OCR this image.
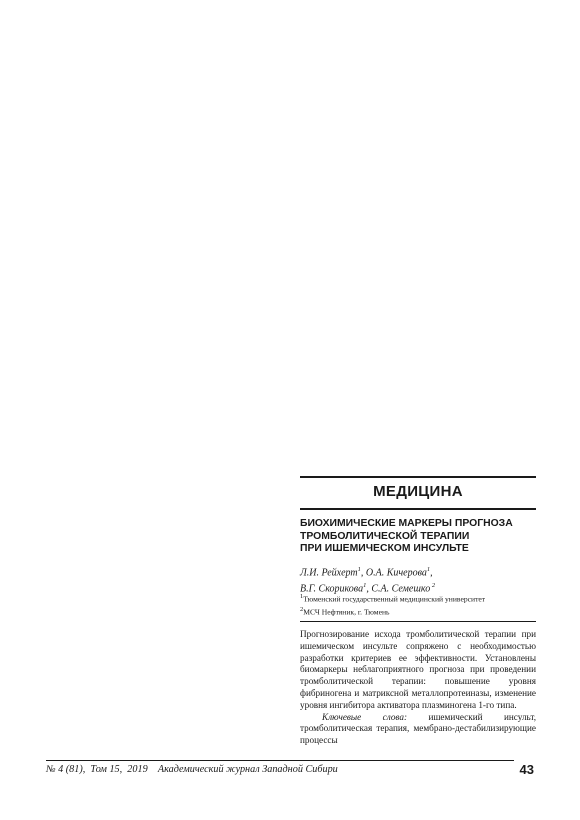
МЕДИЦИНА
БИОХИМИЧЕСКИЕ МАРКЕРЫ ПРОГНОЗА
ТРОМБОЛИТИЧЕСКОЙ ТЕРАПИИ
ПРИ ИШЕМИЧЕСКОМ ИНСУЛЬТЕ
Л.И. Рейхерт$^1$, О.А. Кичерова$^1$,
В.Г. Скорикова$^1$, С.А. Семешко $^2$
$^1$Тюменский государственный медицинский университет
$^2$МСЧ Нефтяник, г. Тюмень

Прогнозирование исхода тромболитической терапии при ишемическом инсульте сопряжено с необходимостью разработки критериев ее эффективности. Установлены биомаркеры неблагоприятного прогноза при проведении тромболитической терапии: повышение уровня фибриногена и матриксной металлопротеиназы, изменение уровня ингибитора активатора плазминогена 1-го типа.

Ключевые слова: ишемический инсульт, тромболитическая терапия, мембрано-дестабилизирующие процессы

№ 4 (81), Том 15, 2019 Академический журнал Западной Сибири	43
